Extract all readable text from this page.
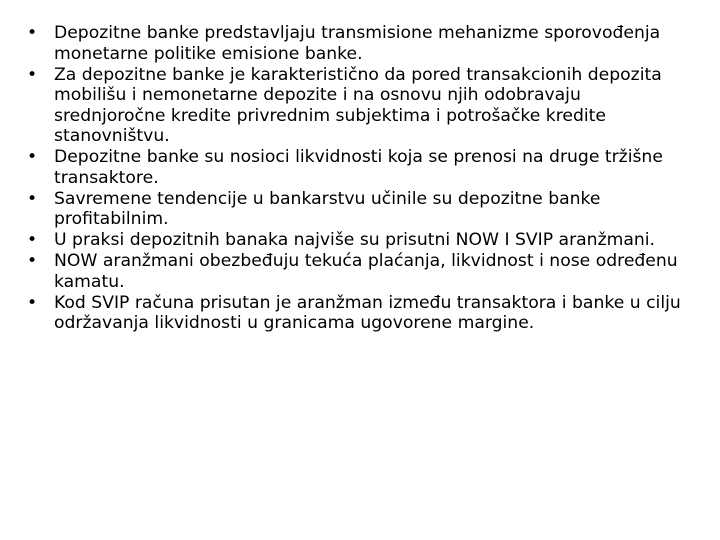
• Depozitne banke predstavljaju transmisione mehanizme sporovođenja monetarne politike emisione banke.
• Za depozitne banke je karakteristično da pored transakcionih depozita mobilišu i nemonetarne depozite i na osnovu njih odobravaju srednjoročne kredite privrednim subjektima i potrošačke kredite stanovništvu.
• Depozitne banke su nosioci likvidnosti koja se prenosi na druge tržišne transaktore.
• Savremene tendencije u bankarstvu učinile su depozitne banke profitabilnim.
• U praksi depozitnih banaka najviše su prisutni NOW I SVIP aranžmani.
• NOW aranžmani obezbeđuju tekuća plaćanja, likvidnost i nose određenu kamatu.
• Kod SVIP računa prisutan je aranžman između transaktora i banke u cilju održavanja likvidnosti u granicama ugovorene margine.
